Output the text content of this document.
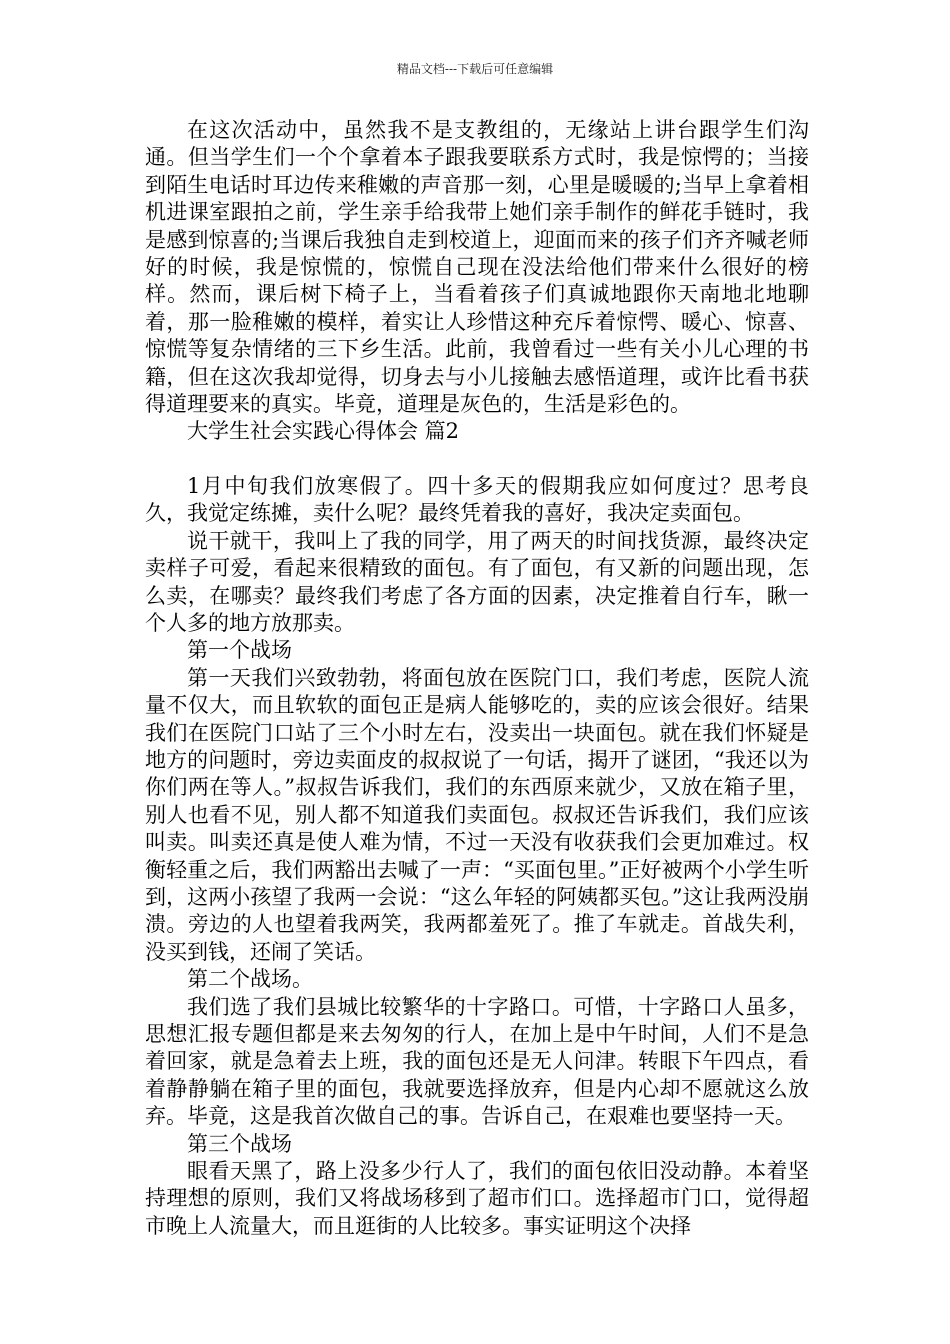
精品文档---下载后可任意编辑

在这次活动中，虽然我不是支教组的，无缘站上讲台跟学生们沟通。但当学生们一个个拿着本子跟我要联系方式时，我是惊愕的；当接到陌生电话时耳边传来稚嫩的声音那一刻，心里是暖暖的;当早上拿着相机进课室跟拍之前，学生亲手给我带上她们亲手制作的鲜花手链时，我是感到惊喜的;当课后我独自走到校道上，迎面而来的孩子们齐齐喊老师好的时候，我是惊慌的，惊慌自己现在没法给他们带来什么很好的榜样。然而，课后树下椅子上，当看着孩子们真诚地跟你天南地北地聊着，那一脸稚嫩的模样，着实让人珍惜这种充斥着惊愕、暖心、惊喜、惊慌等复杂情绪的三下乡生活。此前，我曾看过一些有关小儿心理的书籍，但在这次我却觉得，切身去与小儿接触去感悟道理，或许比看书获得道理要来的真实。毕竟，道理是灰色的，生活是彩色的。

大学生社会实践心得体会 篇2

1月中旬我们放寒假了。四十多天的假期我应如何度过？思考良久，我觉定练摊，卖什么呢？最终凭着我的喜好，我决定卖面包。

说干就干，我叫上了我的同学，用了两天的时间找货源，最终决定卖样子可爱，看起来很精致的面包。有了面包，有又新的问题出现，怎么卖，在哪卖？最终我们考虑了各方面的因素，决定推着自行车，瞅一个人多的地方放那卖。

第一个战场

第一天我们兴致勃勃，将面包放在医院门口，我们考虑，医院人流量不仅大，而且软软的面包正是病人能够吃的，卖的应该会很好。结果我们在医院门口站了三个小时左右，没卖出一块面包。就在我们怀疑是地方的问题时，旁边卖面皮的叔叔说了一句话，揭开了谜团，“我还以为你们两在等人。”叔叔告诉我们，我们的东西原来就少，又放在箱子里，别人也看不见，别人都不知道我们卖面包。叔叔还告诉我们，我们应该叫卖。叫卖还真是使人难为情，不过一天没有收获我们会更加难过。权衡轻重之后，我们两豁出去喊了一声：“买面包里。”正好被两个小学生听到，这两小孩望了我两一会说：“这么年轻的阿姨都买包。”这让我两没崩溃。旁边的人也望着我两笑，我两都羞死了。推了车就走。首战失利，没买到钱，还闹了笑话。

第二个战场。

我们选了我们县城比较繁华的十字路口。可惜，十字路口人虽多，思想汇报专题但都是来去匆匆的行人，在加上是中午时间，人们不是急着回家，就是急着去上班，我的面包还是无人问津。转眼下午四点，看着静静躺在箱子里的面包，我就要选择放弃，但是内心却不愿就这么放弃。毕竟，这是我首次做自己的事。告诉自己，在艰难也要坚持一天。

第三个战场

眼看天黑了，路上没多少行人了，我们的面包依旧没动静。本着坚持理想的原则，我们又将战场移到了超市们口。选择超市门口，觉得超市晚上人流量大，而且逛街的人比较多。事实证明这个决择
